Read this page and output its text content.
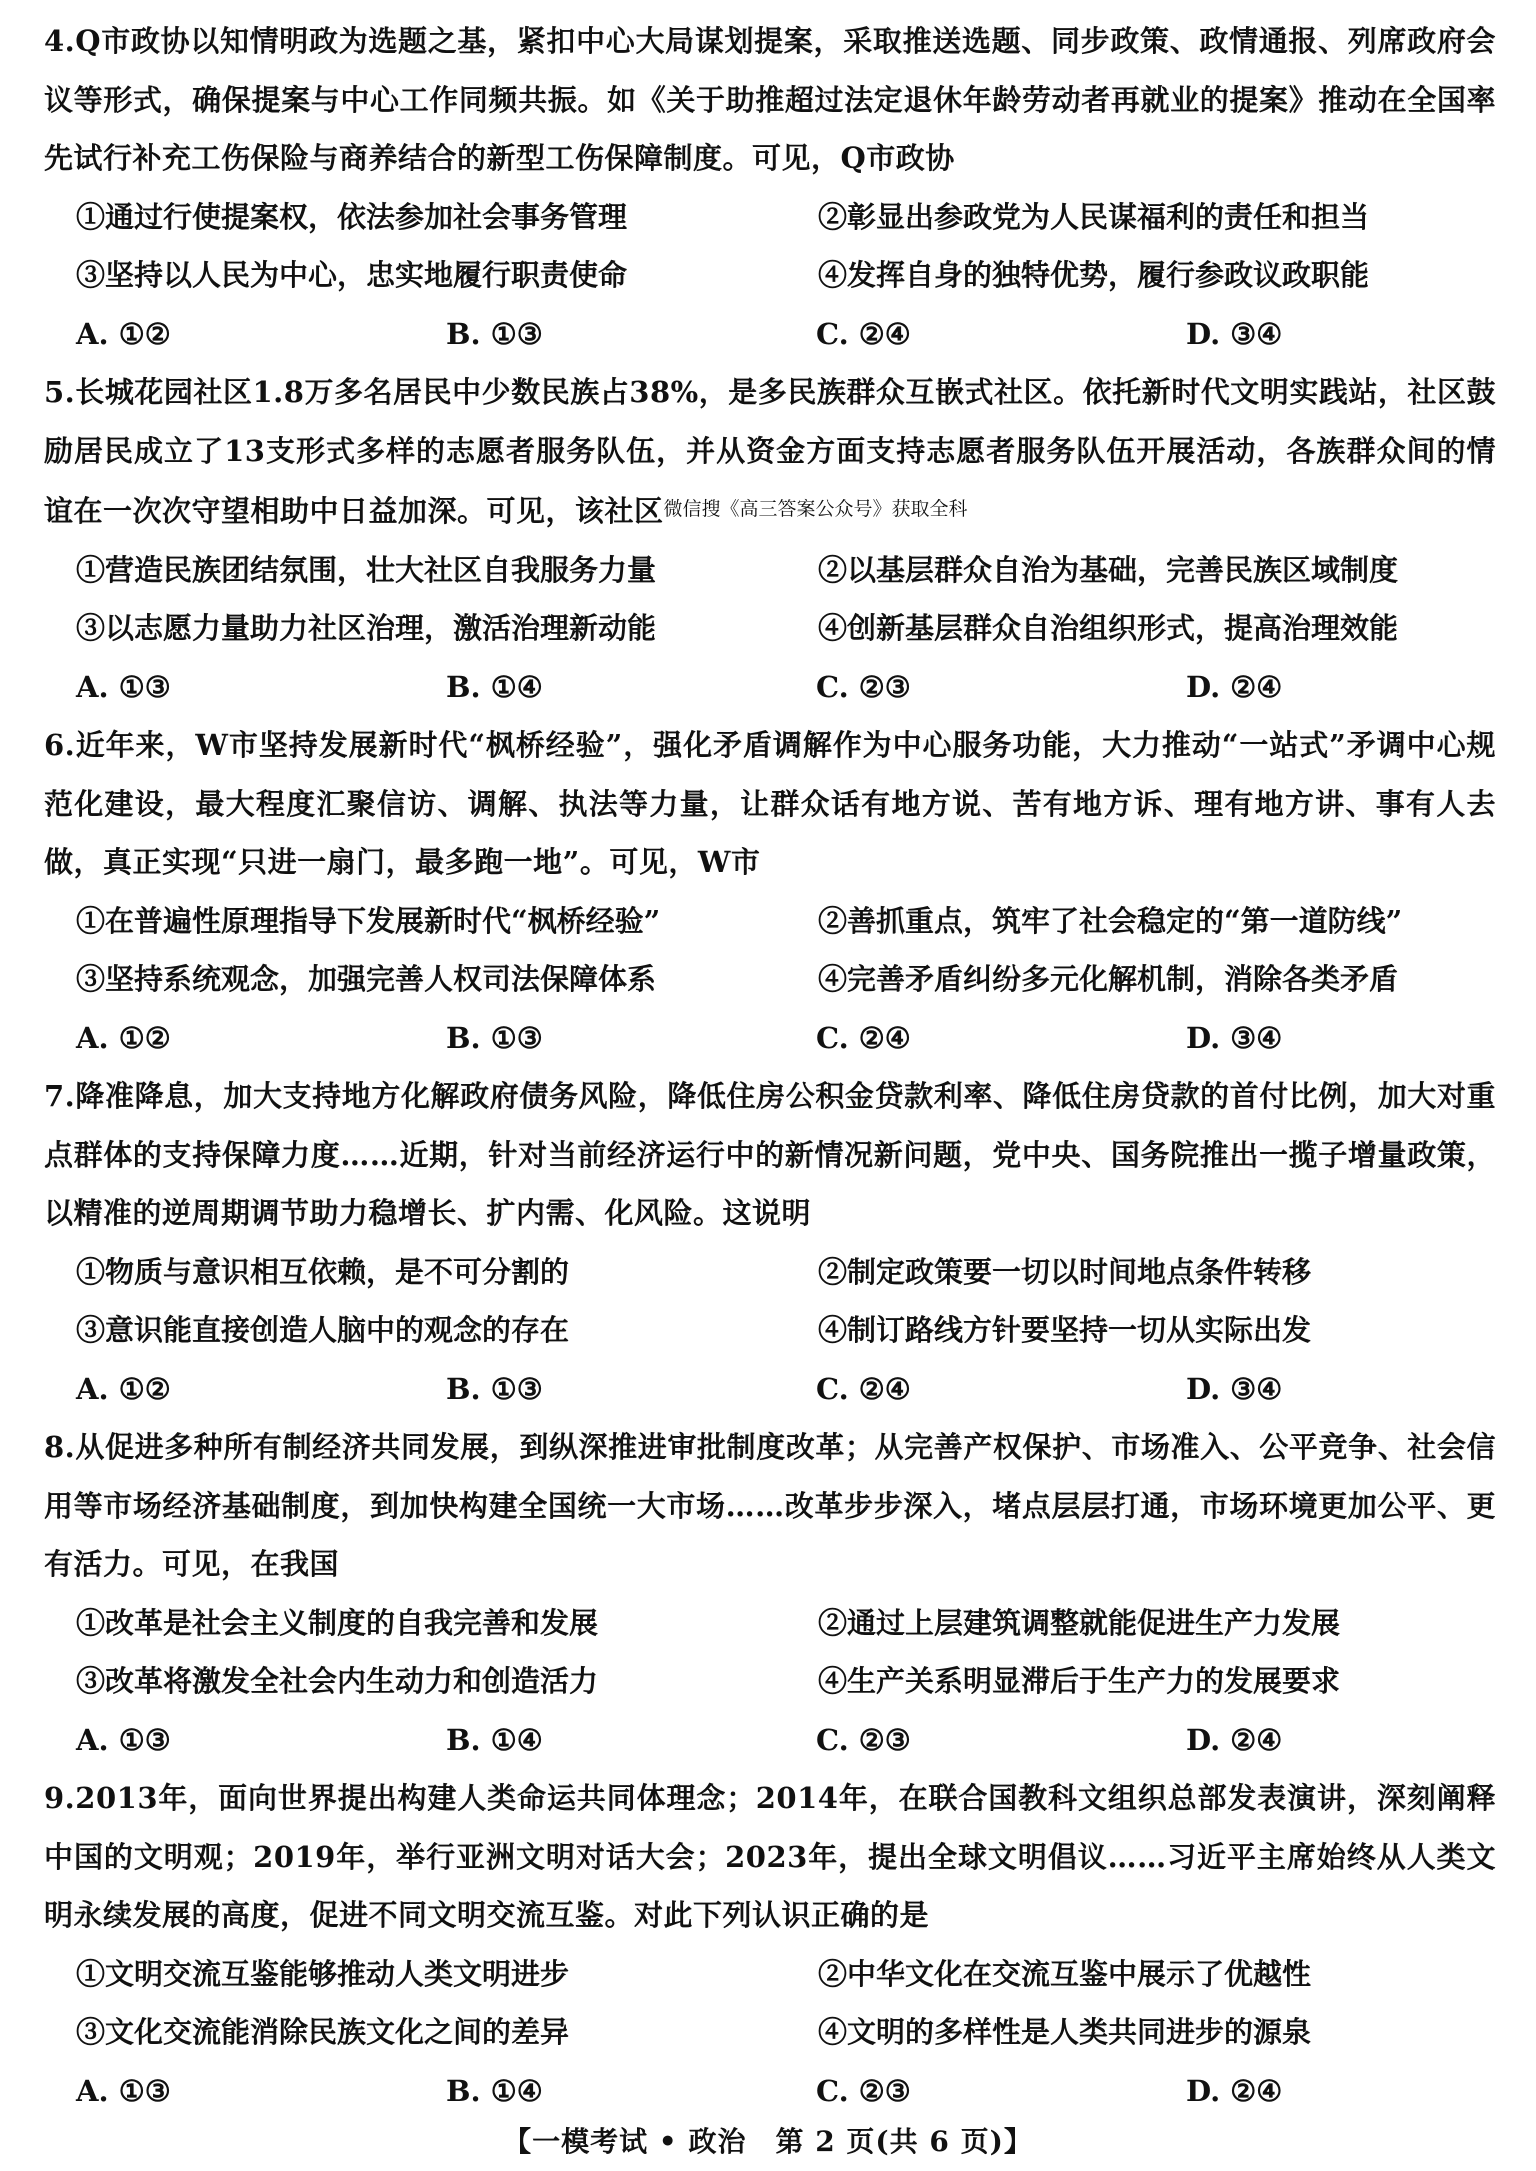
4.Q市政协以知情明政为选题之基，紧扣中心大局谋划提案，采取推送选题、同步政策、政情通报、列席政府会议等形式，确保提案与中心工作同频共振。如《关于助推超过法定退休年龄劳动者再就业的提案》推动在全国率先试行补充工伤保险与商养结合的新型工伤保障制度。可见，Q市政协
①通过行使提案权，依法参加社会事务管理	②彰显出参政党为人民谋福利的责任和担当
③坚持以人民为中心，忠实地履行职责使命	④发挥自身的独特优势，履行参政议政职能
A. ①②	B. ①③	C. ②④	D. ③④
5.长城花园社区1.8万多名居民中少数民族占38%，是多民族群众互嵌式社区。依托新时代文明实践站，社区鼓励居民成立了13支形式多样的志愿者服务队伍，并从资金方面支持志愿者服务队伍开展活动，各族群众间的情谊在一次次守望相助中日益加深。可见，该社区$^{微信搜《高三答案公众号》获取全科}$
①营造民族团结氛围，壮大社区自我服务力量	②以基层群众自治为基础，完善民族区域制度
③以志愿力量助力社区治理，激活治理新动能	④创新基层群众自治组织形式，提高治理效能
A. ①③	B. ①④	C. ②③	D. ②④
6.近年来，W市坚持发展新时代“枫桥经验”，强化矛盾调解作为中心服务功能，大力推动“一站式”矛调中心规范化建设，最大程度汇聚信访、调解、执法等力量，让群众话有地方说、苦有地方诉、理有地方讲、事有人去做，真正实现“只进一扇门，最多跑一地”。可见，W市
①在普遍性原理指导下发展新时代“枫桥经验”	②善抓重点，筑牢了社会稳定的“第一道防线”
③坚持系统观念，加强完善人权司法保障体系	④完善矛盾纠纷多元化解机制，消除各类矛盾
A. ①②	B. ①③	C. ②④	D. ③④
7.降准降息，加大支持地方化解政府债务风险，降低住房公积金贷款利率、降低住房贷款的首付比例，加大对重点群体的支持保障力度……近期，针对当前经济运行中的新情况新问题，党中央、国务院推出一揽子增量政策，以精准的逆周期调节助力稳增长、扩内需、化风险。这说明
①物质与意识相互依赖，是不可分割的	②制定政策要一切以时间地点条件转移
③意识能直接创造人脑中的观念的存在	④制订路线方针要坚持一切从实际出发
A. ①②	B. ①③	C. ②④	D. ③④
8.从促进多种所有制经济共同发展，到纵深推进审批制度改革；从完善产权保护、市场准入、公平竞争、社会信用等市场经济基础制度，到加快构建全国统一大市场……改革步步深入，堵点层层打通，市场环境更加公平、更有活力。可见，在我国
①改革是社会主义制度的自我完善和发展	②通过上层建筑调整就能促进生产力发展
③改革将激发全社会内生动力和创造活力	④生产关系明显滞后于生产力的发展要求
A. ①③	B. ①④	C. ②③	D. ②④
9.2013年，面向世界提出构建人类命运共同体理念；2014年，在联合国教科文组织总部发表演讲，深刻阐释中国的文明观；2019年，举行亚洲文明对话大会；2023年，提出全球文明倡议……习近平主席始终从人类文明永续发展的高度，促进不同文明交流互鉴。对此下列认识正确的是
①文明交流互鉴能够推动人类文明进步	②中华文化在交流互鉴中展示了优越性
③文化交流能消除民族文化之间的差异	④文明的多样性是人类共同进步的源泉
A. ①③	B. ①④	C. ②③	D. ②④
【一模考试 • 政治　第 2 页(共 6 页)】
